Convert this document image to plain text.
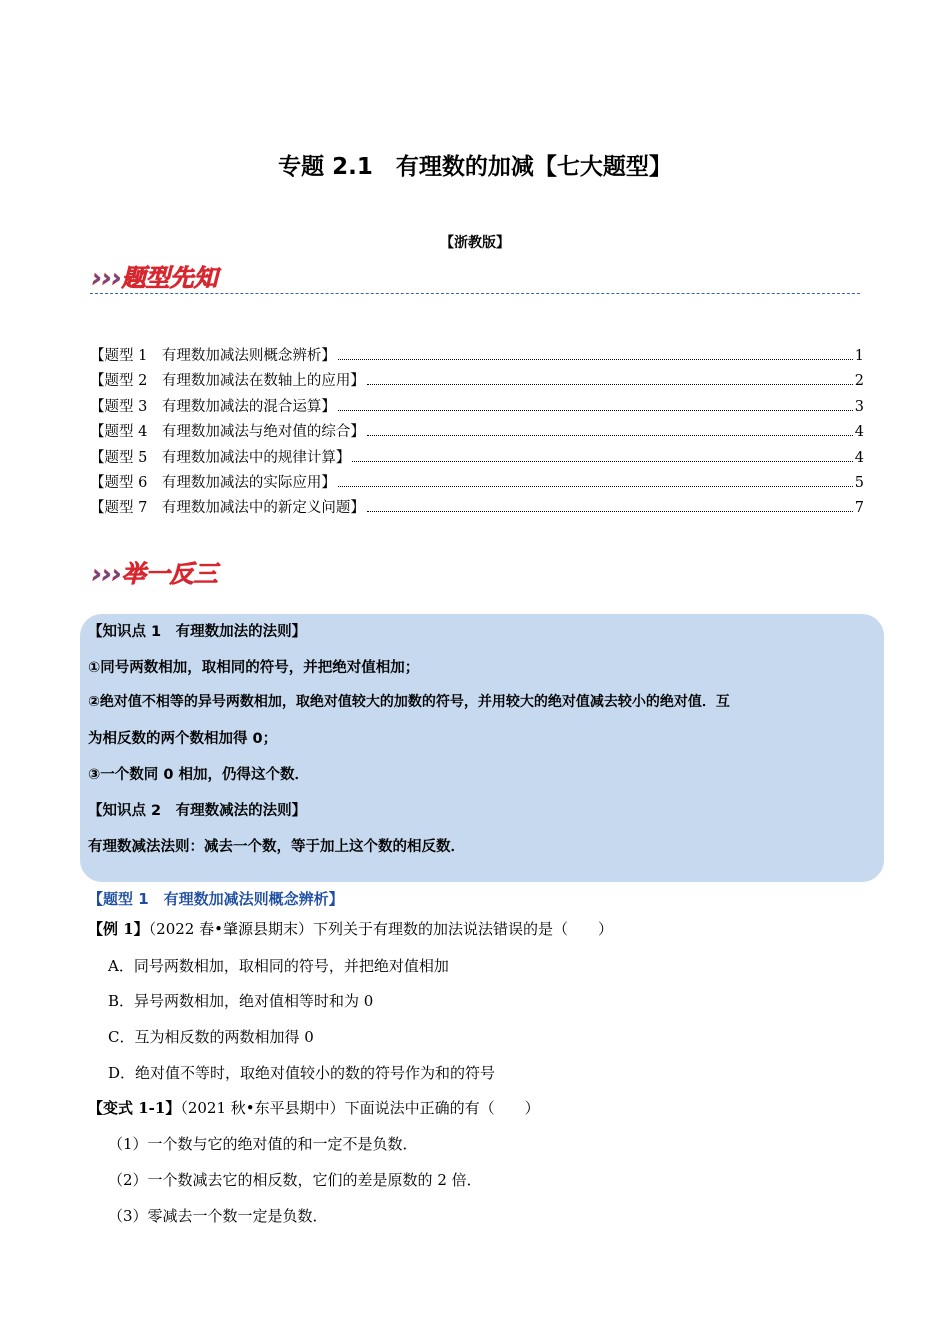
专题 2.1　有理数的加减【七大题型】
【浙教版】
›››题型先知
【题型 1　有理数加减法则概念辨析】	1
【题型 2　有理数加减法在数轴上的应用】	2
【题型 3　有理数加减法的混合运算】	3
【题型 4　有理数加减法与绝对值的综合】	4
【题型 5　有理数加减法中的规律计算】	4
【题型 6　有理数加减法的实际应用】	5
【题型 7　有理数加减法中的新定义问题】	7
›››举一反三
【知识点 1　有理数加法的法则】
①同号两数相加，取相同的符号，并把绝对值相加；
②绝对值不相等的异号两数相加，取绝对值较大的加数的符号，并用较大的绝对值减去较小的绝对值．互
为相反数的两个数相加得 0；
③一个数同 0 相加，仍得这个数．
【知识点 2　有理数减法的法则】
有理数减法法则：减去一个数，等于加上这个数的相反数．
【题型 1　有理数加减法则概念辨析】
【例 1】（2022 春•肇源县期末）下列关于有理数的加法说法错误的是（　　）
A．同号两数相加，取相同的符号，并把绝对值相加
B．异号两数相加，绝对值相等时和为 0
C．互为相反数的两数相加得 0
D．绝对值不等时，取绝对值较小的数的符号作为和的符号
【变式 1-1】（2021 秋•东平县期中）下面说法中正确的有（　　）
（1）一个数与它的绝对值的和一定不是负数．
（2）一个数减去它的相反数，它们的差是原数的 2 倍．
（3）零减去一个数一定是负数．
